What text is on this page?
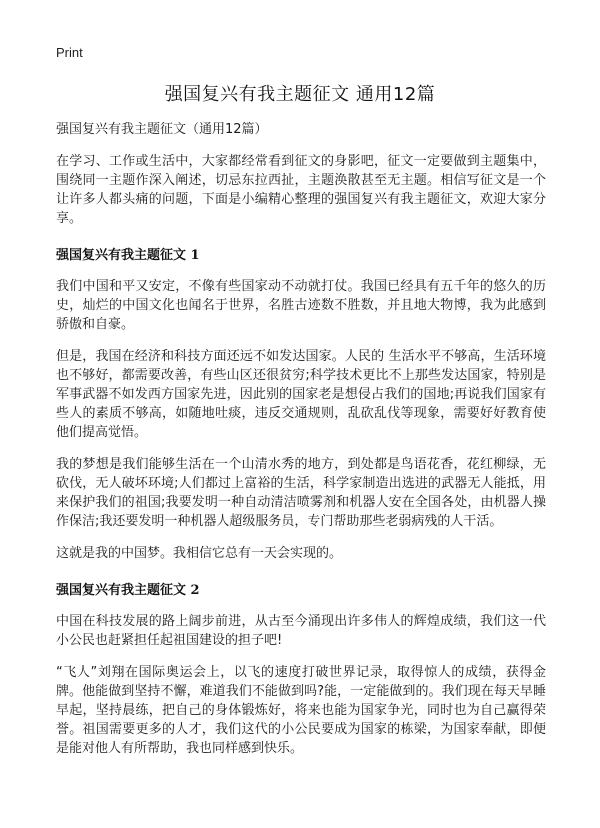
Print
强国复兴有我主题征文 通用12篇

强国复兴有我主题征文（通用12篇）

在学习、工作或生活中，大家都经常看到征文的身影吧，征文一定要做到主题集中，围绕同一主题作深入阐述，切忌东拉西扯，主题涣散甚至无主题。相信写征文是一个让许多人都头痛的问题，下面是小编精心整理的强国复兴有我主题征文，欢迎大家分享。

强国复兴有我主题征文 1

我们中国和平又安定，不像有些国家动不动就打仗。我国已经具有五千年的悠久的历史，灿烂的中国文化也闻名于世界，名胜古迹数不胜数，并且地大物博，我为此感到骄傲和自豪。

但是，我国在经济和科技方面还远不如发达国家。人民的 生活水平不够高，生活环境也不够好，都需要改善，有些山区还很贫穷;科学技术更比不上那些发达国家，特别是军事武器不如发西方国家先进，因此别的国家老是想侵占我们的国地;再说我们国家有些人的素质不够高，如随地吐痰，违反交通规则，乱砍乱伐等现象，需要好好教育使他们提高觉悟。

我的梦想是我们能够生活在一个山清水秀的地方，到处都是鸟语花香，花红柳绿，无砍伐，无人破坏环境;人们都过上富裕的生活，科学家制造出选进的武器无人能抵，用来保护我们的祖国;我要发明一种自动清洁喷雾剂和机器人安在全国各处，由机器人操作保洁;我还要发明一种机器人超级服务员，专门帮助那些老弱病残的人干活。

这就是我的中国梦。我相信它总有一天会实现的。

强国复兴有我主题征文 2

中国在科技发展的路上阔步前进，从古至今涌现出许多伟人的辉煌成绩，我们这一代小公民也赶紧担任起祖国建设的担子吧!

“飞人”刘翔在国际奥运会上，以飞的速度打破世界记录，取得惊人的成绩，获得金牌。他能做到坚持不懈，难道我们不能做到吗?能，一定能做到的。我们现在每天早睡早起，坚持晨练，把自己的身体锻炼好，将来也能为国家争光，同时也为自己赢得荣誉。祖国需要更多的人才，我们这代的小公民要成为国家的栋梁，为国家奉献，即便是能对他人有所帮助，我也同样感到快乐。
